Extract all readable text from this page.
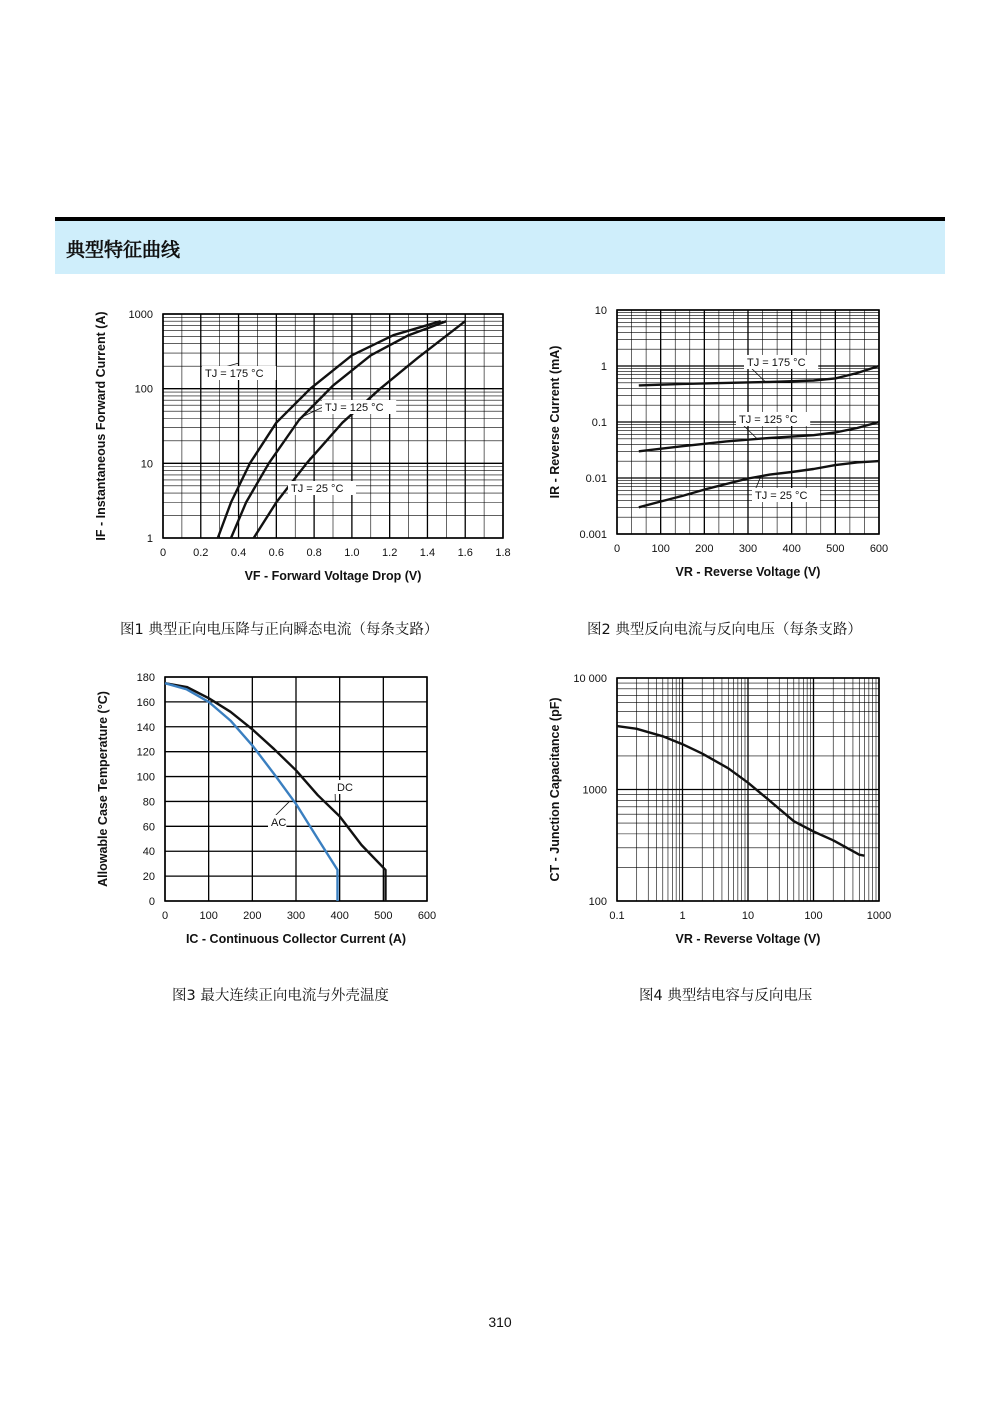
典型特征曲线
0 0.2 0.4 0.6 0.8 1.0 1.2 1.4 1.6 1.8
1
10
100
1000
VF - Forward Voltage Drop (V)
IF - Instantaneous Forward Current (A)	TJ = 175 °C
TJ = 125 °C
TJ = 25 °C
图1 典型正向电压降与正向瞬态电流（每条支路）
0	100 200 300 400 500 600
0.001
0.01
0.1
1
10
VR - Reverse Voltage (V)
IR - Reverse Current (mA)	TJ = 175 °C
TJ = 125 °C
TJ = 25 °C
图2 典型反向电流与反向电压（每条支路）
0	100 200 300 400 500 600
0
20
40
60
80
100
120
140
160
180
IC - Continuous Collector Current (A)
Allowable Case Temperature (°C)	DC
AC
图3 最大连续正向电流与外壳温度
0.1	1	10	100	1000
100
1000
10 000
VR - Reverse Voltage (V)
CT - Junction Capacitance (pF)
图4 典型结电容与反向电压
310
